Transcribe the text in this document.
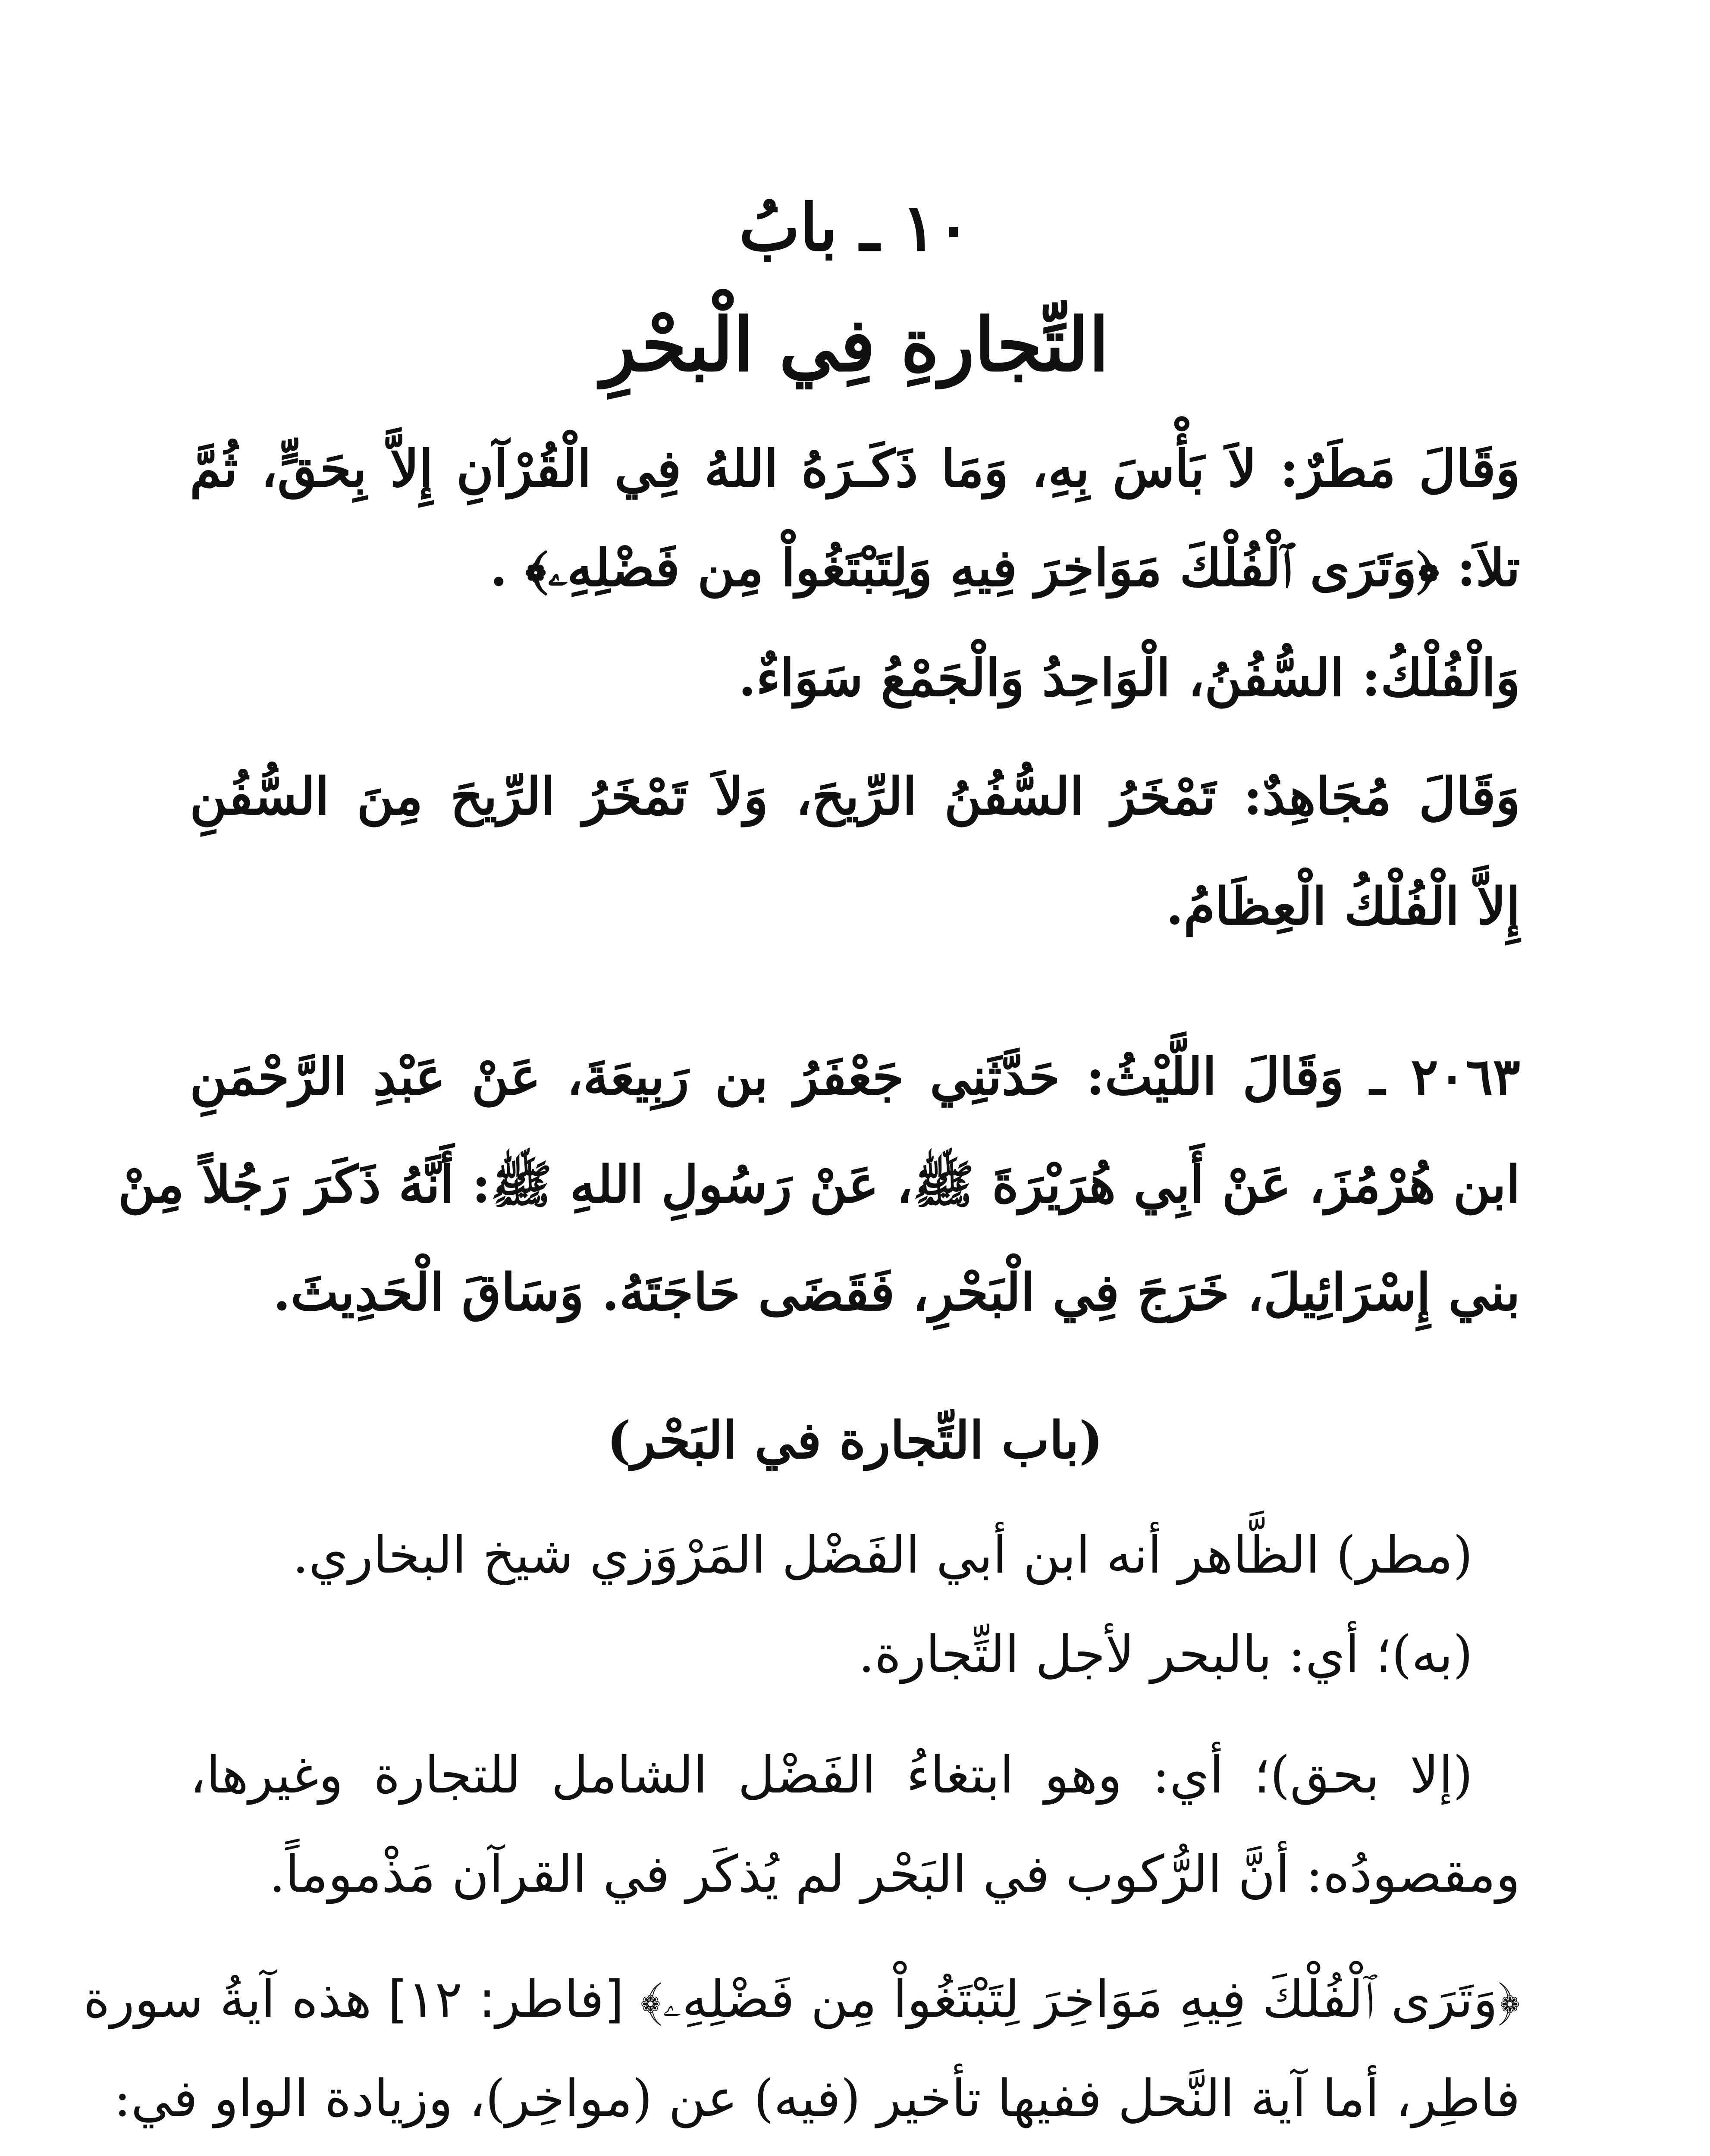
١٠ ـ بابُ
التِّجارةِ فِي الْبحْرِ
وَقَالَ مَطَرٌ: لاَ بَأْسَ بِهِ، وَمَا ذَكَـرَهُ اللهُ فِي الْقُرْآنِ إِلاَّ بِحَقٍّ، ثُمَّ
تلاَ: ﴿وَتَرَى ٱلْفُلْكَ مَوَاخِرَ فِيهِ وَلِتَبْتَغُواْ مِن فَضْلِهِۦ﴾ .
وَالْفُلْكُ: السُّفُنُ، الْوَاحِدُ وَالْجَمْعُ سَوَاءٌ.
وَقَالَ مُجَاهِدٌ: تَمْخَرُ السُّفُنُ الرِّيحَ، وَلاَ تَمْخَرُ الرِّيحَ مِنَ السُّفُنِ
إِلاَّ الْفُلْكُ الْعِظَامُ.
٢٠٦٣ ـ وَقَالَ اللَّيْثُ: حَدَّثَنِي جَعْفَرُ بن رَبِيعَةَ، عَنْ عَبْدِ الرَّحْمَنِ
ابن هُرْمُزَ، عَنْ أَبِي هُرَيْرَةَ ﷺ، عَنْ رَسُولِ اللهِ ﷺ: أَنَّهُ ذَكَرَ رَجُلاً مِنْ
بني إِسْرَائِيلَ، خَرَجَ فِي الْبَحْرِ، فَقَضَى حَاجَتَهُ. وَسَاقَ الْحَدِيثَ.
(باب التِّجارة في البَحْر)
(مطر) الظَّاهر أنه ابن أبي الفَضْل المَرْوَزي شيخ البخاري.
(به)؛ أي: بالبحر لأجل التِّجارة.
(إلا بحق)؛ أي: وهو ابتغاءُ الفَضْل الشامل للتجارة وغيرها،
ومقصودُه: أنَّ الرُّكوب في البَحْر لم يُذكَر في القرآن مَذْموماً.
﴿وَتَرَى ٱلْفُلْكَ فِيهِ مَوَاخِرَ لِتَبْتَغُواْ مِن فَضْلِهِۦ﴾ [فاطر: ١٢] هذه آيةُ سورة
فاطِر، أما آية النَّحل ففيها تأخير (فيه) عن (مواخِر)، وزيادة الواو في:
